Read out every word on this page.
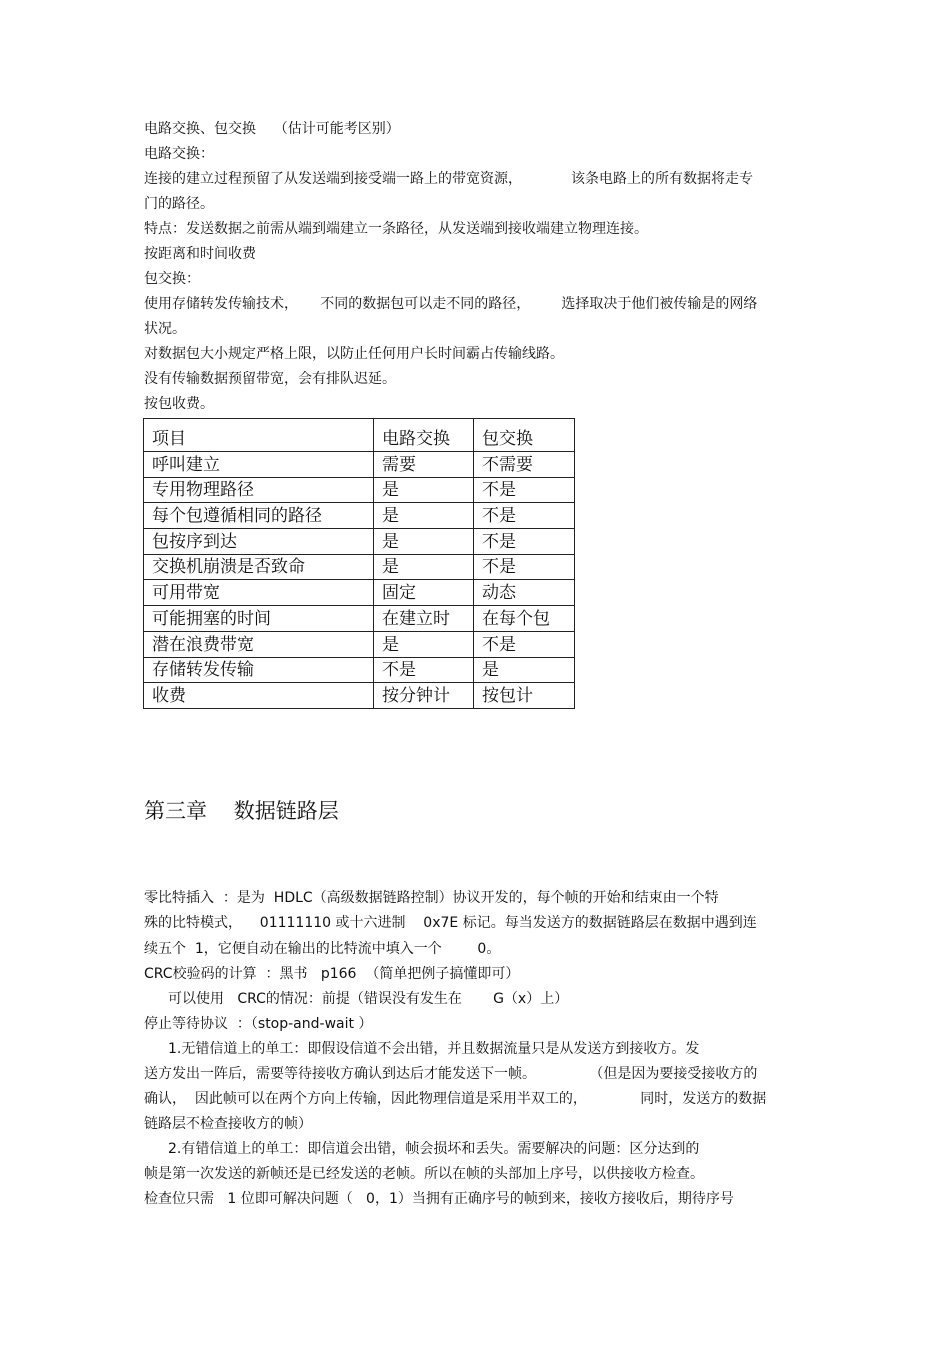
电路交换、包交换    （估计可能考区别）
电路交换：
连接的建立过程预留了从发送端到接受端一路上的带宽资源，           该条电路上的所有数据将走专
门的路径。
特点：发送数据之前需从端到端建立一条路径，从发送端到接收端建立物理连接。
按距离和时间收费
包交换：
使用存储转发传输技术，     不同的数据包可以走不同的路径，       选择取决于他们被传输是的网络
状况。
对数据包大小规定严格上限，以防止任何用户长时间霸占传输线路。
没有传输数据预留带宽，会有排队迟延。
按包收费。
项目	电路交换	包交换
呼叫建立	需要	不需要
专用物理路径	是	不是
每个包遵循相同的路径	是	不是
包按序到达	是	不是
交换机崩溃是否致命	是	不是
可用带宽	固定	动态
可能拥塞的时间	在建立时	在每个包
潜在浪费带宽	是	不是
存储转发传输	不是	是
收费	按分钟计	按包计
第三章    数据链路层
零比特插入  ：是为  HDLC（高级数据链路控制）协议开发的，每个帧的开始和结束由一个特
殊的比特模式，    01111110 或十六进制    0x7E 标记。每当发送方的数据链路层在数据中遇到连
续五个  1，它便自动在输出的比特流中填入一个        0。
CRC校验码的计算  ：黑书   p166  （简单把例子搞懂即可）
可以使用   CRC的情况：前提（错误没有发生在       G（x）上）
停止等待协议  ：（stop-and-wait ）
1.无错信道上的单工：即假设信道不会出错，并且数据流量只是从发送方到接收方。发
送方发出一阵后，需要等待接收方确认到达后才能发送下一帧。            （但是因为要接受接收方的
确认，  因此帧可以在两个方向上传输，因此物理信道是采用半双工的，            同时，发送方的数据
链路层不检查接收方的帧）
2.有错信道上的单工：即信道会出错，帧会损坏和丢失。需要解决的问题：区分达到的
帧是第一次发送的新帧还是已经发送的老帧。所以在帧的头部加上序号，以供接收方检查。
检查位只需   1 位即可解决问题（   0，1）当拥有正确序号的帧到来，接收方接收后，期待序号
